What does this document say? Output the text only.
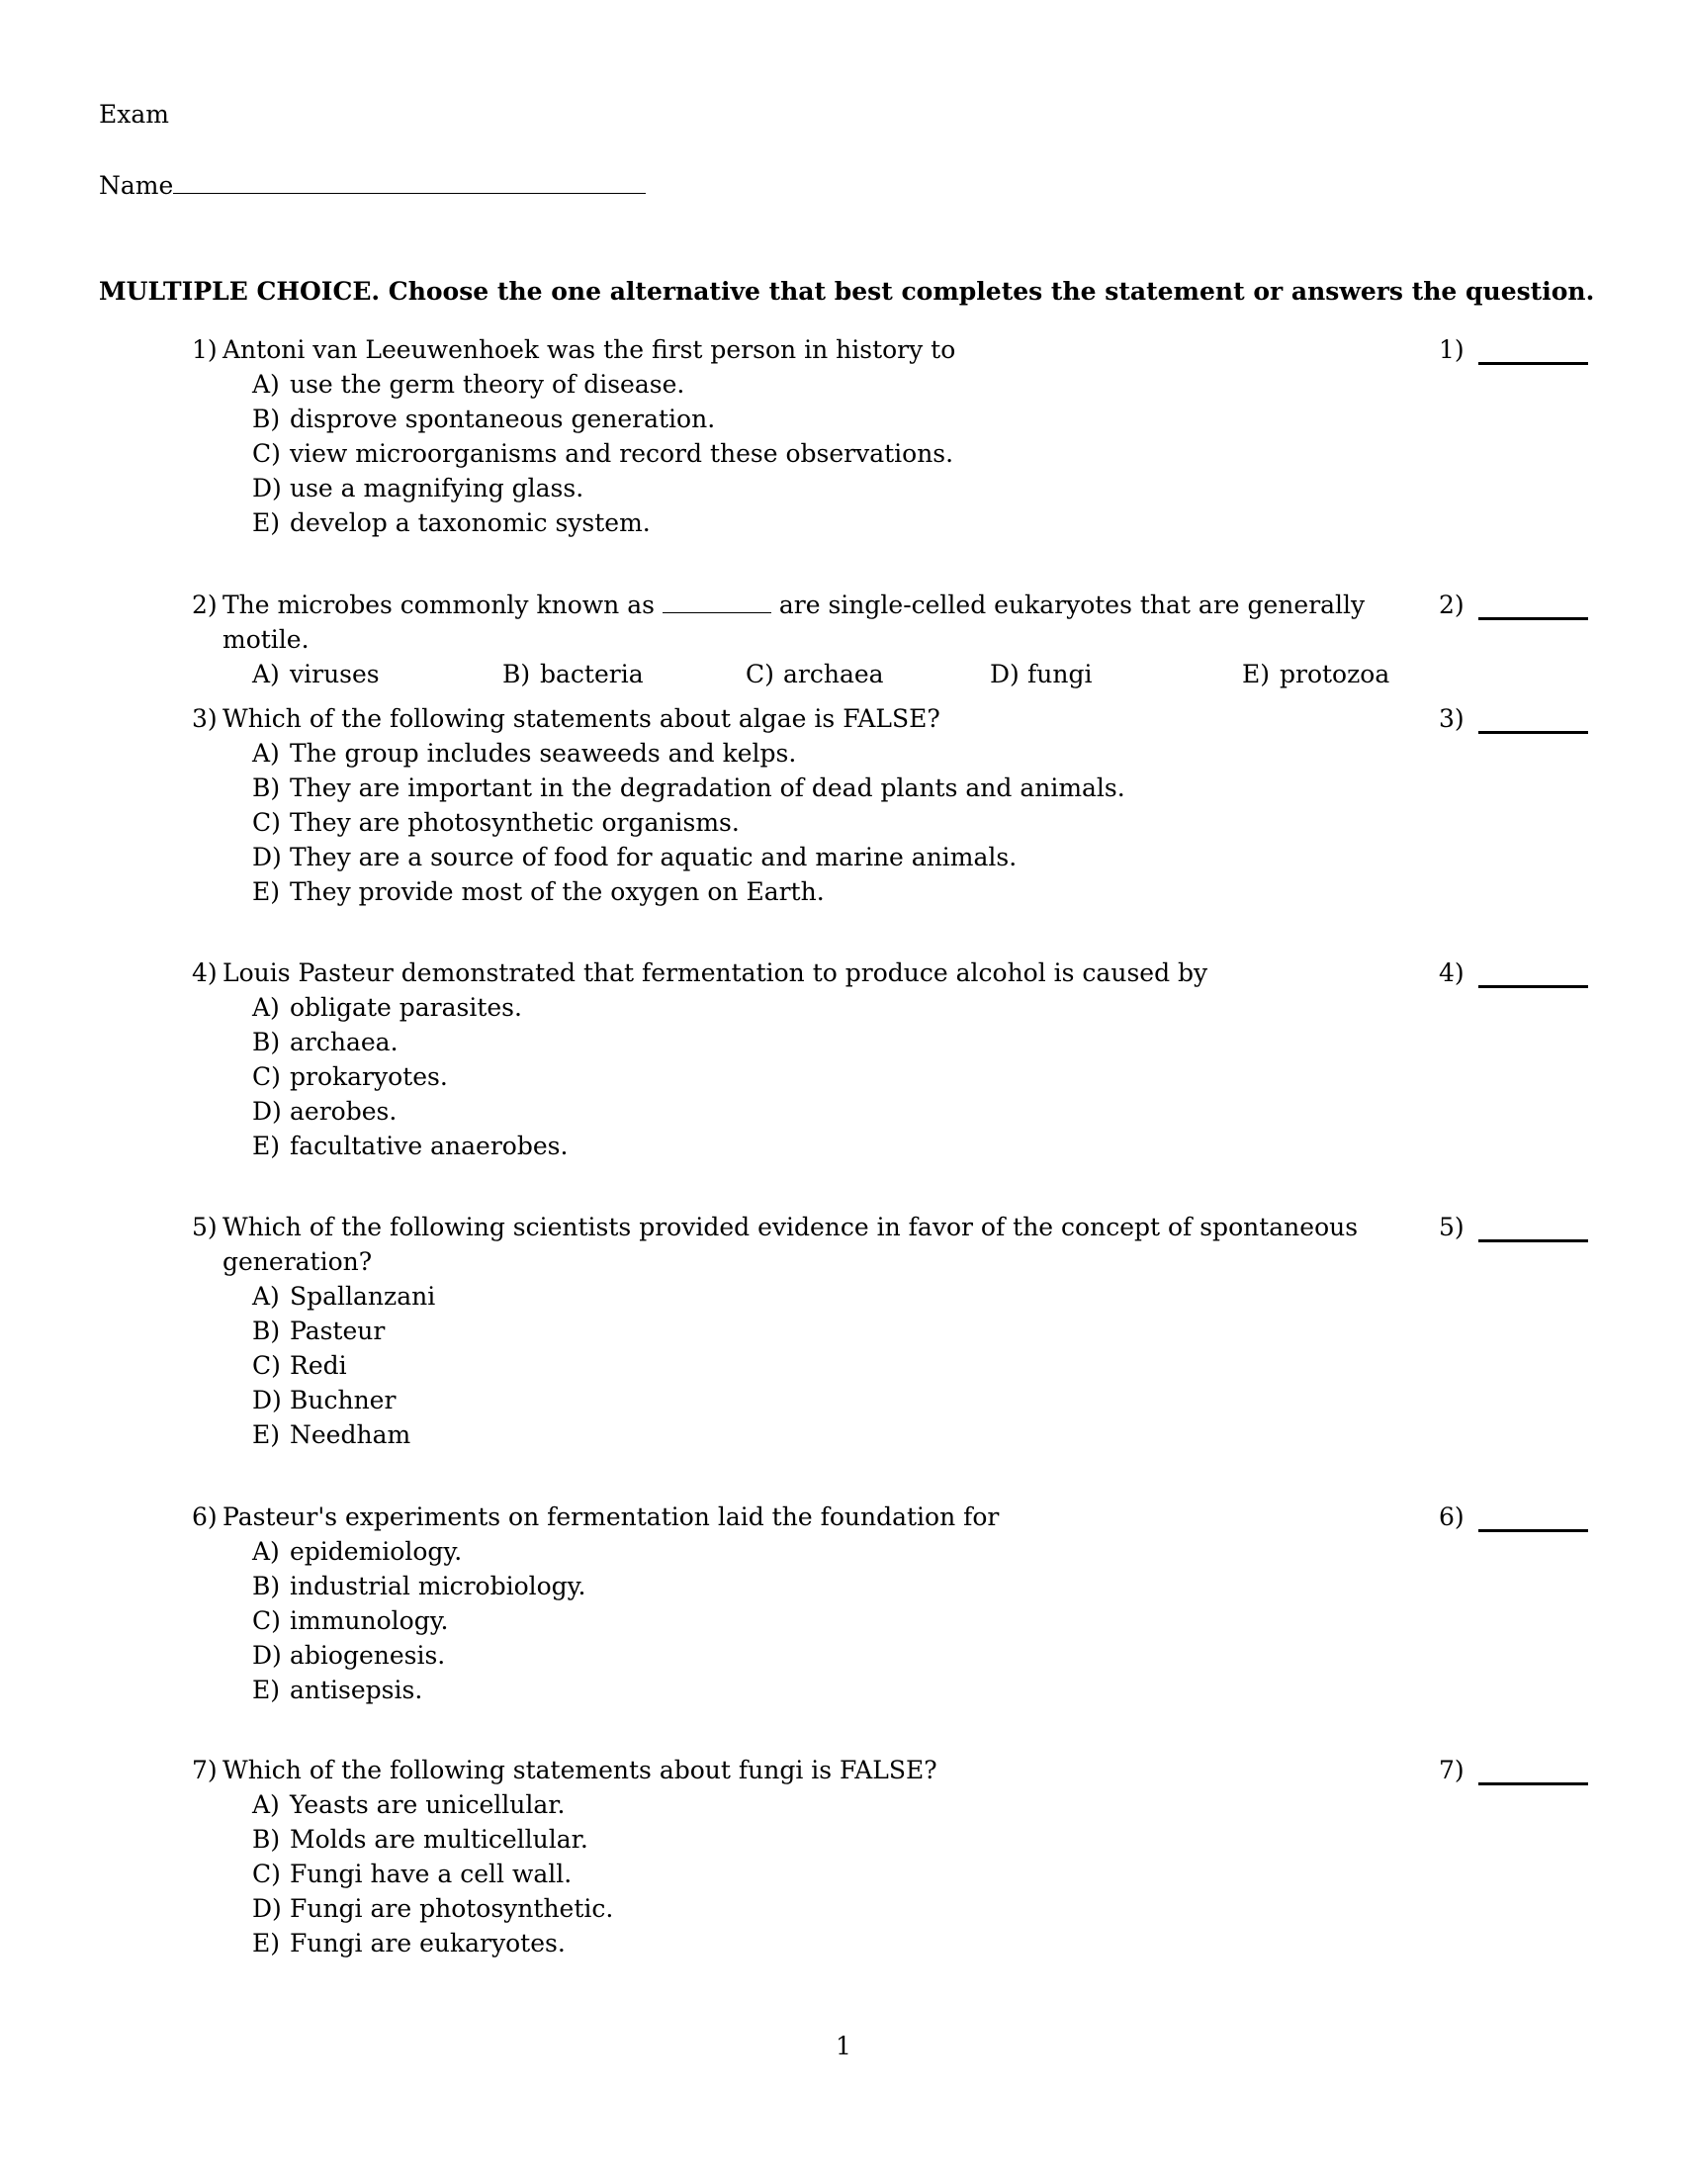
Exam
Name
MULTIPLE CHOICE. Choose the one alternative that best completes the statement or answers the question.
1) Antoni van Leeuwenhoek was the first person in history to
A) use the germ theory of disease.
B) disprove spontaneous generation.
C) view microorganisms and record these observations.
D) use a magnifying glass.
E) develop a taxonomic system.
1)
2) The microbes commonly known as	are single-celled eukaryotes that are generally motile.
A) viruses	B) bacteria	C) archaea	D) fungi	E) protozoa
2)
3) Which of the following statements about algae is FALSE?
A) The group includes seaweeds and kelps.
B) They are important in the degradation of dead plants and animals.
C) They are photosynthetic organisms.
D) They are a source of food for aquatic and marine animals.
E) They provide most of the oxygen on Earth.
3)
4) Louis Pasteur demonstrated that fermentation to produce alcohol is caused by
A) obligate parasites.
B) archaea.
C) prokaryotes.
D) aerobes.
E) facultative anaerobes.
4)
5) Which of the following scientists provided evidence in favor of the concept of spontaneous
generation?
A) Spallanzani
B) Pasteur
C) Redi
D) Buchner
E) Needham
5)
6) Pasteur's experiments on fermentation laid the foundation for
A) epidemiology.
B) industrial microbiology.
C) immunology.
D) abiogenesis.
E) antisepsis.
6)
7) Which of the following statements about fungi is FALSE?
A) Yeasts are unicellular.
B) Molds are multicellular.
C) Fungi have a cell wall.
D) Fungi are photosynthetic.
E) Fungi are eukaryotes.
7)
1
